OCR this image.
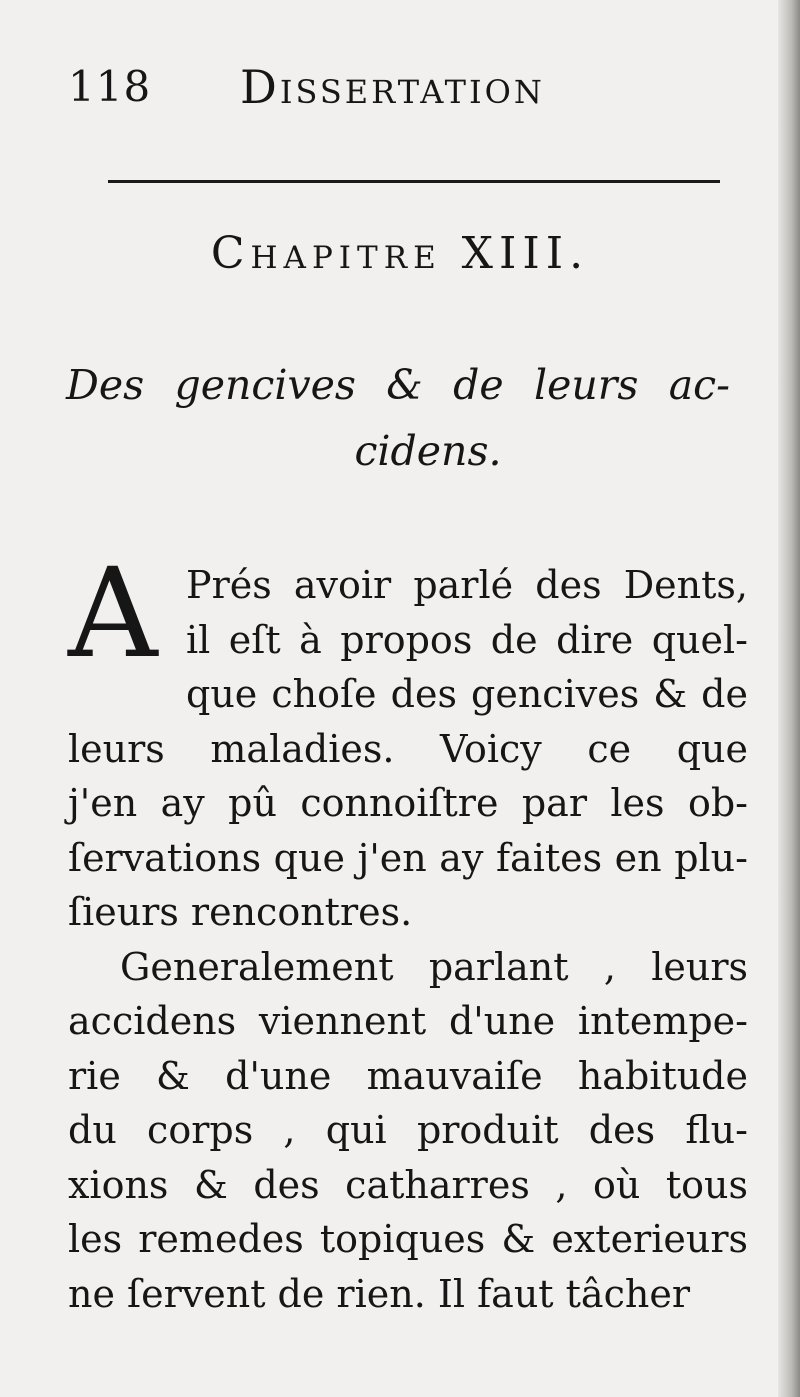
118 Dissertation
Chapitre XIII.
Des gencives & de leurs ac-
cidens.
A Prés avoir parlé des Dents,
il eſt à propos de dire quel-
que choſe des gencives & de
leurs maladies. Voicy ce que
j'en ay pû connoiſtre par les ob-
ſervations que j'en ay faites en plu-
ſieurs rencontres.
Generalement parlant , leurs
accidens viennent d'une intempe-
rie & d'une mauvaiſe habitude
du corps , qui produit des flu-
xions & des catharres , où tous
les remedes topiques & exterieurs
ne ſervent de rien. Il faut tâcher
